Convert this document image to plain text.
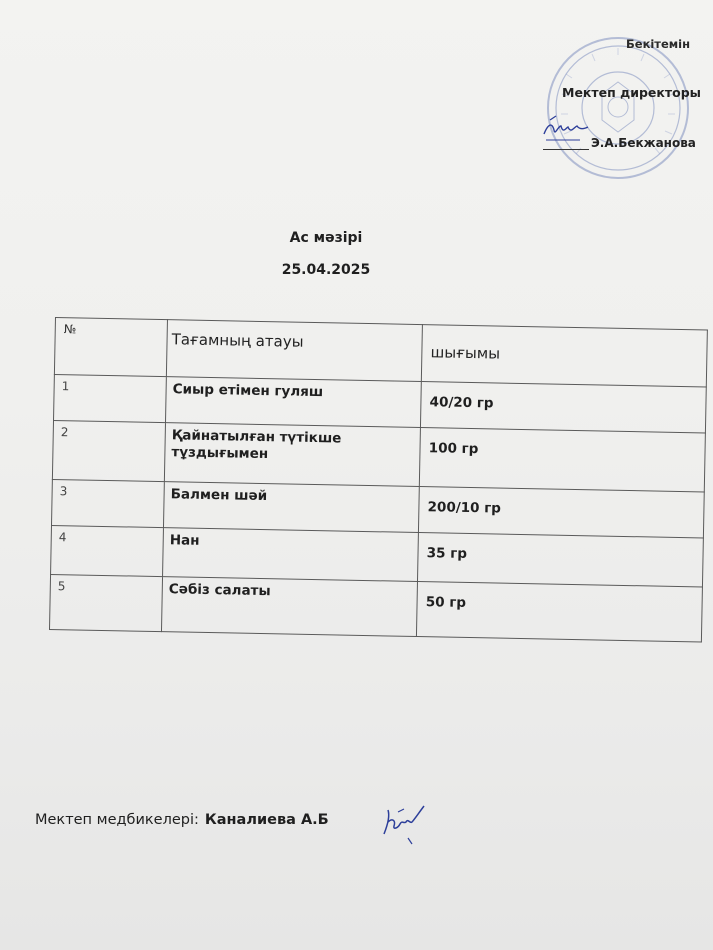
Бекітемін
Мектеп директоры
Э.А.Бекжанова
Ас мәзірі
25.04.2025
№	Тағамның атауы	шығымы
1	Сиыр етімен гуляш	40/20 гр
2	Қайнатылған түтікше тұздығымен	100 гр
3	Балмен шәй	200/10 гр
4	Нан	35 гр
5	Сәбіз салаты	50 гр
Мектеп медбикелері: Каналиева А.Б
